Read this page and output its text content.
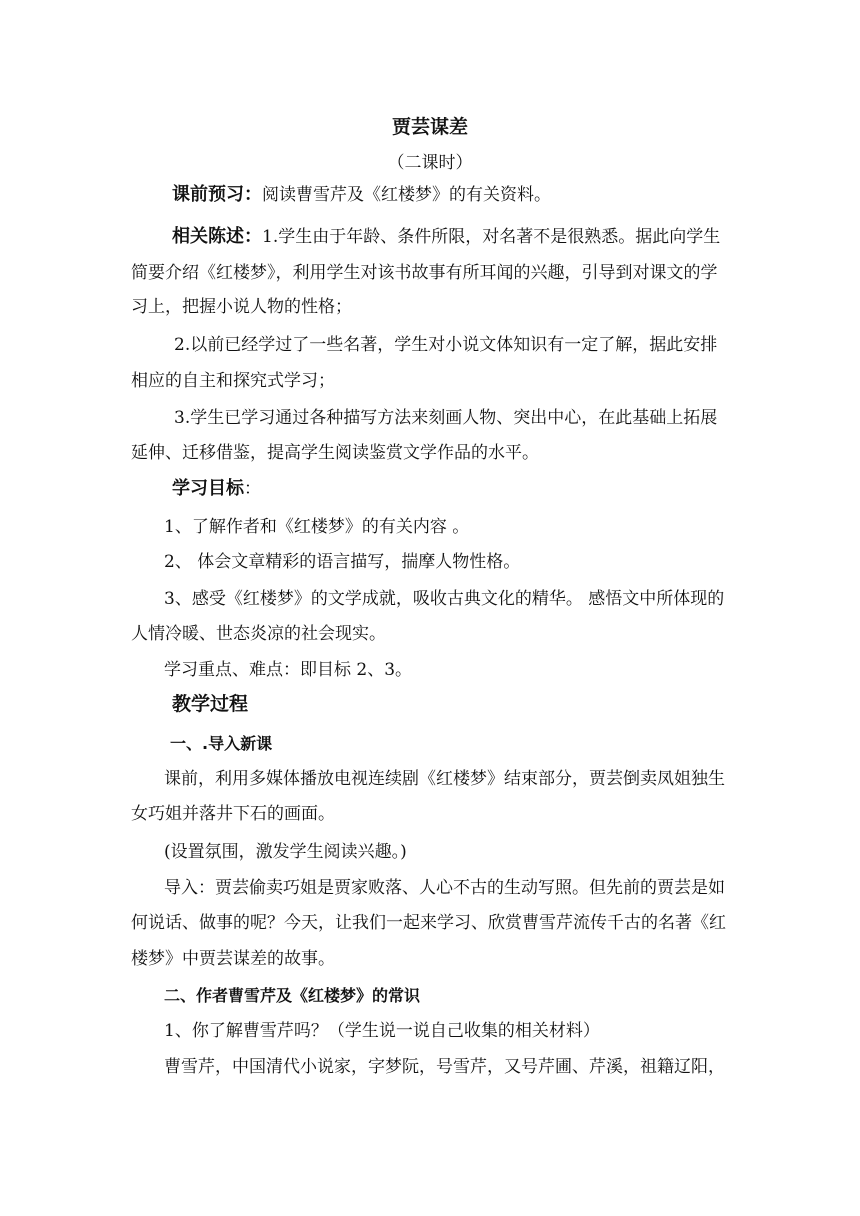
贾芸谋差
（二课时）
课前预习：阅读曹雪芹及《红楼梦》的有关资料。
相关陈述：1.学生由于年龄、条件所限，对名著不是很熟悉。据此向学生
简要介绍《红楼梦》，利用学生对该书故事有所耳闻的兴趣，引导到对课文的学
习上，把握小说人物的性格；
2.以前已经学过了一些名著，学生对小说文体知识有一定了解，据此安排
相应的自主和探究式学习；
3.学生已学习通过各种描写方法来刻画人物、突出中心，在此基础上拓展
延伸、迁移借鉴，提高学生阅读鉴赏文学作品的水平。
学习目标：
1、了解作者和《红楼梦》的有关内容 。
2、 体会文章精彩的语言描写，揣摩人物性格。
3、感受《红楼梦》的文学成就，吸收古典文化的精华。 感悟文中所体现的
人情冷暖、世态炎凉的社会现实。
学习重点、难点：即目标 2、3。
教学过程
一、.导入新课
课前，利用多媒体播放电视连续剧《红楼梦》结束部分，贾芸倒卖凤姐独生
女巧姐并落井下石的画面。
(设置氛围，激发学生阅读兴趣。)
导入：贾芸偷卖巧姐是贾家败落、人心不古的生动写照。但先前的贾芸是如
何说话、做事的呢？今天，让我们一起来学习、欣赏曹雪芹流传千古的名著《红
楼梦》中贾芸谋差的故事。
二、作者曹雪芹及《红楼梦》的常识
1、你了解曹雪芹吗？（学生说一说自己收集的相关材料）
曹雪芹，中国清代小说家，字梦阮，号雪芹，又号芹圃、芹溪，祖籍辽阳，
